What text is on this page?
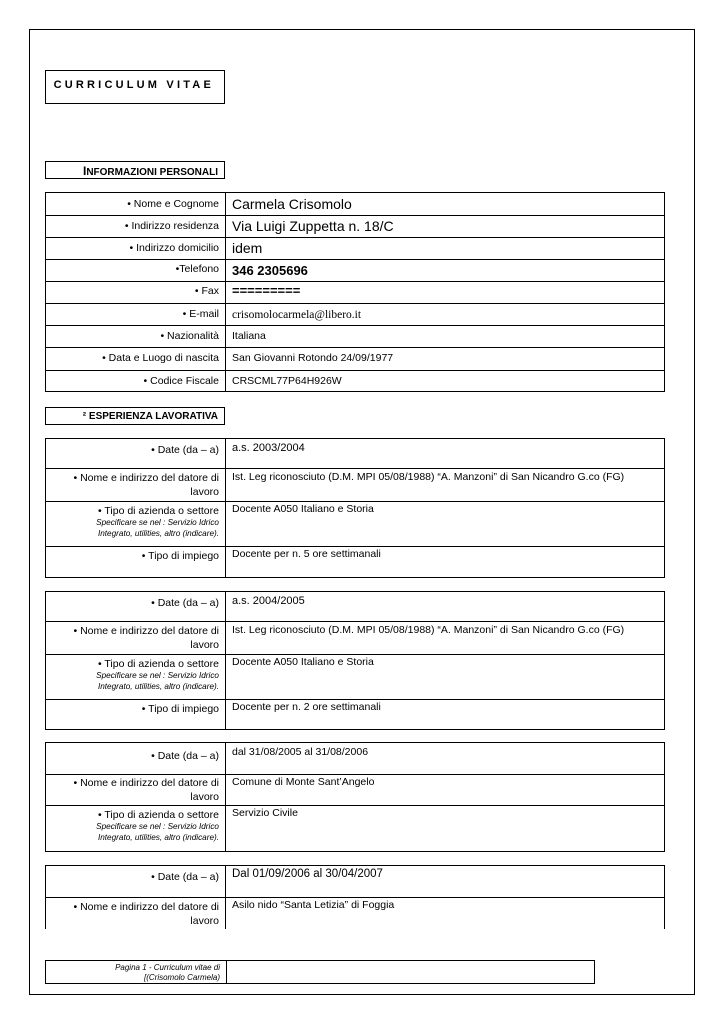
CURRICULUM VITAE
INFORMAZIONI PERSONALI
• Nome e Cognome Carmela Crisomolo
• Indirizzo residenza Via Luigi Zuppetta n. 18/C
• Indirizzo domicilio idem
•Telefono 346 2305696
• Fax =========
• E-mail crisomolocarmela@libero.it
• Nazionalità Italiana
• Data e Luogo di nascita San Giovanni Rotondo 24/09/1977
• Codice Fiscale CRSCML77P64H926W
² ESPERIENZA LAVORATIVA
• Date (da – a) a.s. 2003/2004
• Nome e indirizzo del datore di
lavoro
Ist. Leg riconosciuto (D.M. MPI 05/08/1988) “A. Manzoni” di San Nicandro G.co (FG)
• Tipo di azienda o settore
Specificare se nel : Servizio Idrico
Integrato, utilities, altro (indicare).
Docente A050 Italiano e Storia
• Tipo di impiego Docente per n. 5 ore settimanali
• Date (da – a) a.s. 2004/2005
• Nome e indirizzo del datore di
lavoro
Ist. Leg riconosciuto (D.M. MPI 05/08/1988) “A. Manzoni” di San Nicandro G.co (FG)
• Tipo di azienda o settore
Specificare se nel : Servizio Idrico
Integrato, utilities, altro (indicare).
Docente A050 Italiano e Storia
• Tipo di impiego Docente per n. 2 ore settimanali
• Date (da – a) dal 31/08/2005 al 31/08/2006
• Nome e indirizzo del datore di
lavoro
Comune di Monte Sant’Angelo
• Tipo di azienda o settore
Specificare se nel : Servizio Idrico
Integrato, utilities, altro (indicare).
Servizio Civile
• Date (da – a) Dal 01/09/2006 al 30/04/2007
• Nome e indirizzo del datore di
lavoro
Asilo nido “Santa Letizia” di Foggia
Pagina 1 - Curriculum vitae di
[(Crisomolo Carmela)
